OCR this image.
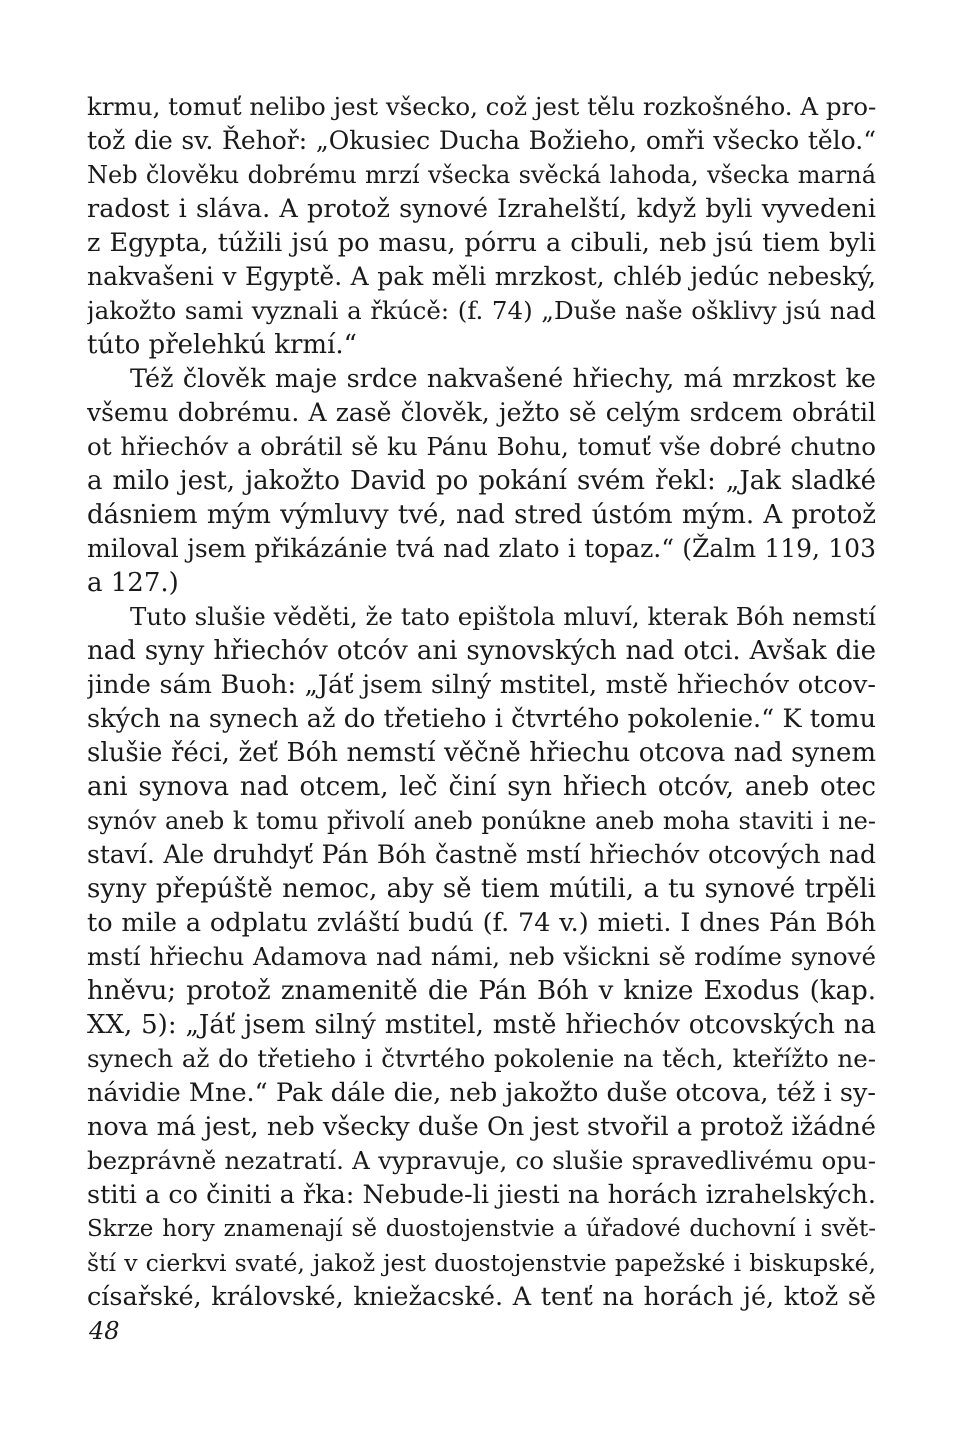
krmu, tomuť nelibo jest všecko, což jest tělu rozkošného. A pro-
tož die sv. Řehoř: „Okusiec Ducha Božieho, omři všecko tělo.“
Neb člověku dobrému mrzí všecka svěcká lahoda, všecka marná
radost i sláva. A protož synové Izrahelští, když byli vyvedeni
z Egypta, túžili jsú po masu, pórru a cibuli, neb jsú tiem byli
nakvašeni v Egyptě. A pak měli mrzkost, chléb jedúc nebeský,
jakožto sami vyznali a řkúcě: (f. 74) „Duše naše ošklivy jsú nad
túto přelehkú krmí.“
Též člověk maje srdce nakvašené hřiechy, má mrzkost ke
všemu dobrému. A zasě člověk, ježto sě celým srdcem obrátil
ot hřiechóv a obrátil sě ku Pánu Bohu, tomuť vše dobré chutno
a milo jest, jakožto David po pokání svém řekl: „Jak sladké
dásniem mým výmluvy tvé, nad stred ústóm mým. A protož
miloval jsem přikázánie tvá nad zlato i topaz.“ (Žalm 119, 103
a 127.)
Tuto slušie věděti, že tato epištola mluví, kterak Bóh nemstí
nad syny hřiechóv otcóv ani synovských nad otci. Avšak die
jinde sám Buoh: „Jáť jsem silný mstitel, mstě hřiechóv otcov-
ských na synech až do třetieho i čtvrtého pokolenie.“ K tomu
slušie řéci, žeť Bóh nemstí věčně hřiechu otcova nad synem
ani synova nad otcem, leč činí syn hřiech otcóv, aneb otec
synóv aneb k tomu přivolí aneb ponúkne aneb moha staviti i ne-
staví. Ale druhdyť Pán Bóh častně mstí hřiechóv otcových nad
syny přepúště nemoc, aby sě tiem mútili, a tu synové trpěli
to mile a odplatu zvláští budú (f. 74 v.) mieti. I dnes Pán Bóh
mstí hřiechu Adamova nad námi, neb všickni sě rodíme synové
hněvu; protož znamenitě die Pán Bóh v knize Exodus (kap.
XX, 5): „Jáť jsem silný mstitel, mstě hřiechóv otcovských na
synech až do třetieho i čtvrtého pokolenie na těch, kteřížto ne-
návidie Mne.“ Pak dále die, neb jakožto duše otcova, též i sy-
nova má jest, neb všecky duše On jest stvořil a protož ižádné
bezprávně nezatratí. A vypravuje, co slušie spravedlivému opu-
stiti a co činiti a řka: Nebude-li jiesti na horách izrahelských.
Skrze hory znamenají sě duostojenstvie a úřadové duchovní i svět-
ští v cierkvi svaté, jakož jest duostojenstvie papežské i biskupské,
císařské, královské, kniežacské. A tenť na horách jé, ktož sě
48
